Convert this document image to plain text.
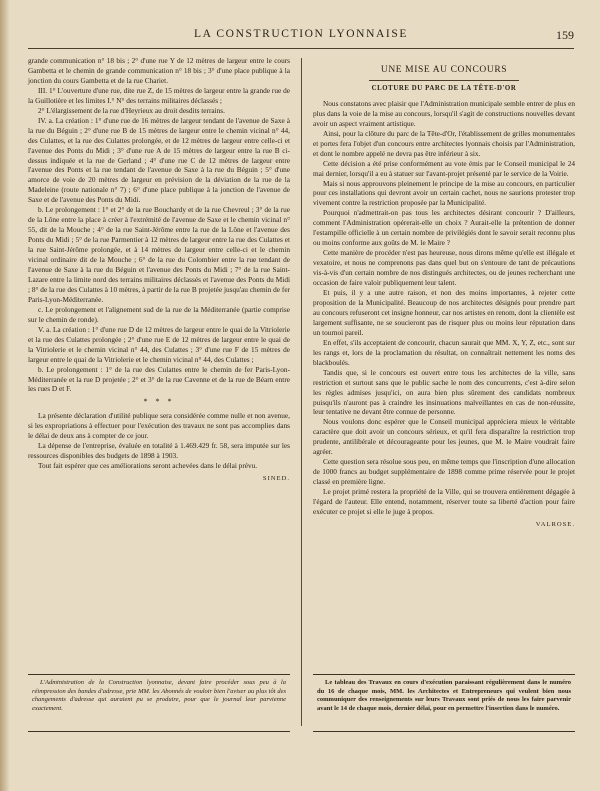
LA CONSTRUCTION LYONNAISE	159

grande communication n° 18 bis ; 2° d'une rue Y de 12 mètres de largeur entre le cours Gambetta et le chemin de grande communication n° 18 bis ; 3° d'une place publique à la jonction du cours Gambetta et de la rue Chariet.

III. 1° L'ouverture d'une rue, dite rue Z, de 15 mètres de largeur entre la grande rue de la Guillotière et les limites I.° N° des terrains militaires déclassés ;

2° L'élargissement de la rue d'Heyrieux au droit desdits terrains.

IV. a. La création : 1° d'une rue de 16 mètres de largeur tendant de l'avenue de Saxe à la rue du Béguin ; 2° d'une rue B de 15 mètres de largeur entre le chemin vicinal n° 44, des Culattes, et la rue des Culattes prolongée, et de 12 mètres de largeur entre celle-ci et l'avenue des Ponts du Midi ; 3° d'une rue A de 15 mètres de largeur entre la rue B ci-dessus indiquée et la rue de Gerland ; 4° d'une rue C de 12 mètres de largeur entre l'avenue des Ponts et la rue tendant de l'avenue de Saxe à la rue du Béguin ; 5° d'une amorce de voie de 20 mètres de largeur en prévision de la déviation de la rue de la Madeleine (route nationale n° 7) ; 6° d'une place publique à la jonction de l'avenue de Saxe et de l'avenue des Ponts du Midi.

b. Le prolongement : 1° et 2° de la rue Bouchardy et de la rue Chevreul ; 3° de la rue de la Lône entre la place à créer à l'extrémité de l'avenue de Saxe et le chemin vicinal n° 55, dit de la Mouche ; 4° de la rue Saint-Jérôme entre la rue de la Lône et l'avenue des Ponts du Midi ; 5° de la rue Parmentier à 12 mètres de largeur entre la rue des Culattes et la rue Saint-Jérôme prolongée, et à 14 mètres de largeur entre celle-ci et le chemin vicinal ordinaire dit de la Mouche ; 6° de la rue du Colombier entre la rue tendant de l'avenue de Saxe à la rue du Béguin et l'avenue des Ponts du Midi ; 7° de la rue Saint-Lazare entre la limite nord des terrains militaires déclassés et l'avenue des Ponts du Midi ; 8° de la rue des Culattes à 10 mètres, à partir de la rue B projetée jusqu'au chemin de fer Paris-Lyon-Méditerranée.

c. Le prolongement et l'alignement sud de la rue de la Méditerranée (partie comprise sur le chemin de ronde).

V. a. La création : 1° d'une rue D de 12 mètres de largeur entre le quai de la Vitriolerie et la rue des Culattes prolongée ; 2° d'une rue E de 12 mètres de largeur entre le quai de la Vitriolerie et le chemin vicinal n° 44, des Culattes ; 3° d'une rue F de 15 mètres de largeur entre le quai de la Vitriolerie et le chemin vicinal n° 44, des Culattes ;

b. Le prolongement : 1° de la rue des Culattes entre le chemin de fer Paris-Lyon-Méditerranée et la rue D projetée ; 2° et 3° de la rue Cavenne et de la rue de Béarn entre les rues D et F.

* * *

La présente déclaration d'utilité publique sera considérée comme nulle et non avenue, si les expropriations à effectuer pour l'exécution des travaux ne sont pas accomplies dans le délai de deux ans à compter de ce jour.

La dépense de l'entreprise, évaluée en totalité à 1.469.429 fr. 58, sera imputée sur les ressources disponibles des budgets de 1898 à 1903.

Tout fait espérer que ces améliorations seront achevées dans le délai prévu.

SINED.
UNE MISE AU CONCOURS
CLOTURE DU PARC DE LA TÊTE-D'OR

Nous constatons avec plaisir que l'Administration municipale semble entrer de plus en plus dans la voie de la mise au concours, lorsqu'il s'agit de constructions nouvelles devant avoir un aspect vraiment artistique.

Ainsi, pour la clôture du parc de la Tête-d'Or, l'établissement de grilles monumentales et portes fera l'objet d'un concours entre architectes lyonnais choisis par l'Administration, et dont le nombre appelé ne devra pas être inférieur à six.

Cette décision a été prise conformément au vote émis par le Conseil municipal le 24 mai dernier, lorsqu'il a eu à statuer sur l'avant-projet présenté par le service de la Voirie.

Mais si nous approuvons pleinement le principe de la mise au concours, en particulier pour ces installations qui devront avoir un certain cachet, nous ne saurions protester trop vivement contre la restriction proposée par la Municipalité.

Pourquoi n'admettrait-on pas tous les architectes désirant concourir ? D'ailleurs, comment l'Administration opérerait-elle un choix ? Aurait-elle la prétention de donner l'estampille officielle à un certain nombre de privilégiés dont le savoir serait reconnu plus ou moins conforme aux goûts de M. le Maire ?

Cette manière de procéder n'est pas heureuse, nous dirons même qu'elle est illégale et vexatoire, et nous ne comprenons pas dans quel but on s'entoure de tant de précautions vis-à-vis d'un certain nombre de nos distingués architectes, ou de jeunes recherchant une occasion de faire valoir publiquement leur talent.

Et puis, il y a une autre raison, et non des moins importantes, à rejeter cette proposition de la Municipalité. Beaucoup de nos architectes désignés pour prendre part au concours refuseront cet insigne honneur, car nos artistes en renom, dont la clientèle est largement suffisante, ne se soucieront pas de risquer plus ou moins leur réputation dans un tournoi pareil.

En effet, s'ils acceptaient de concourir, chacun saurait que MM. X, Y, Z, etc., sont sur les rangs et, lors de la proclamation du résultat, on connaîtrait nettement les noms des blackboulés.

Tandis que, si le concours est ouvert entre tous les architectes de la ville, sans restriction et surtout sans que le public sache le nom des concurrents, c'est à-dire selon les règles admises jusqu'ici, on aura bien plus sûrement des candidats nombreux puisqu'ils n'auront pas à craindre les insinuations malveillantes en cas de non-réussite, leur tentative ne devant être connue de personne.

Nous voulons donc espérer que le Conseil municipal appréciera mieux le véritable caractère que doit avoir un concours sérieux, et qu'il fera disparaître la restriction trop prudente, antilibérale et décourageante pour les jeunes, que M. le Maire voudrait faire agréer.

Cette question sera résolue sous peu, en même temps que l'inscription d'une allocation de 1000 francs au budget supplémentaire de 1898 comme prime réservée pour le projet classé en première ligne.

Le projet primé restera la propriété de la Ville, qui se trouvera entièrement dégagée à l'égard de l'auteur. Elle entend, notamment, réserver toute sa liberté d'action pour faire exécuter ce projet si elle le juge à propos.

VALROSE.

L'Administration de la Construction lyonnaise, devant faire procéder sous peu à la réimpression des bandes d'adresse, prie MM. les Abonnés de vouloir bien l'aviser au plus tôt des changements d'adresse qui auraient pu se produire, pour que le journal leur parvienne exactement.

Le tableau des Travaux en cours d'exécution paraissant régulièrement dans le numéro du 16 de chaque mois, MM. les Architectes et Entrepreneurs qui veulent bien nous communiquer des renseignements sur leurs Travaux sont priés de nous les faire parvenir avant le 14 de chaque mois, dernier délai, pour en permettre l'insertion dans le numéro.
